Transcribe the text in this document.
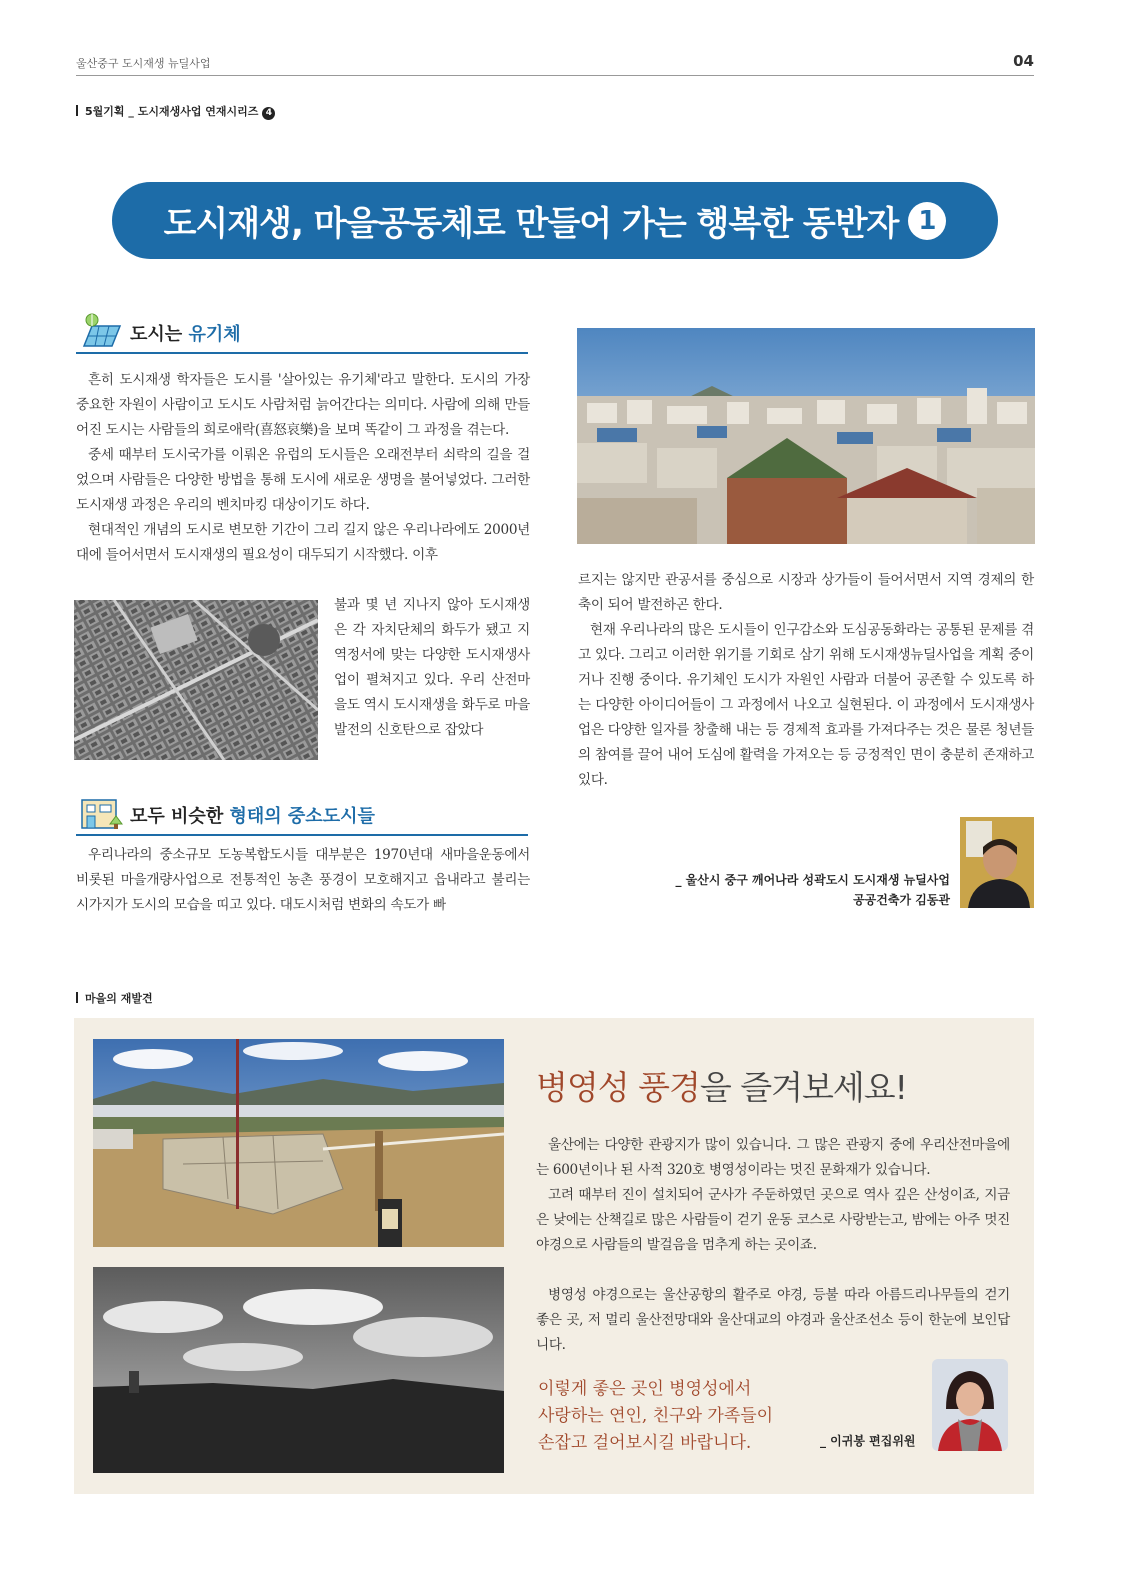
울산중구 도시재생 뉴딜사업	04
5월기획 _ 도시재생사업 연재시리즈 4
도시재생, 마을공동체로 만들어 가는 행복한 동반자 1
도시는 유기체

흔히 도시재생 학자들은 도시를 '살아있는 유기체'라고 말한다. 도시의 가장 중요한 자원이 사람이고 도시도 사람처럼 늙어간다는 의미다. 사람에 의해 만들어진 도시는 사람들의 희로애락(喜怒哀樂)을 보며 똑같이 그 과정을 겪는다.

중세 때부터 도시국가를 이뤄온 유럽의 도시들은 오래전부터 쇠락의 길을 걸었으며 사람들은 다양한 방법을 통해 도시에 새로운 생명을 불어넣었다. 그러한 도시재생 과정은 우리의 벤치마킹 대상이기도 하다.

현대적인 개념의 도시로 변모한 기간이 그리 길지 않은 우리나라에도 2000년대에 들어서면서 도시재생의 필요성이 대두되기 시작했다. 이후

불과 몇 년 지나지 않아 도시재생은 각 자치단체의 화두가 됐고 지역정서에 맞는 다양한 도시재생사업이 펼쳐지고 있다. 우리 산전마을도 역시 도시재생을 화두로 마을발전의 신호탄으로 잡았다

모두 비슷한 형태의 중소도시들

우리나라의 중소규모 도농복합도시들 대부분은 1970년대 새마을운동에서 비롯된 마을개량사업으로 전통적인 농촌 풍경이 모호해지고 읍내라고 불리는 시가지가 도시의 모습을 띠고 있다. 대도시처럼 변화의 속도가 빠

르지는 않지만 관공서를 중심으로 시장과 상가들이 들어서면서 지역 경제의 한 축이 되어 발전하곤 한다.

현재 우리나라의 많은 도시들이 인구감소와 도심공동화라는 공통된 문제를 겪고 있다. 그리고 이러한 위기를 기회로 삼기 위해 도시재생뉴딜사업을 계획 중이거나 진행 중이다. 유기체인 도시가 자원인 사람과 더불어 공존할 수 있도록 하는 다양한 아이디어들이 그 과정에서 나오고 실현된다. 이 과정에서 도시재생사업은 다양한 일자를 창출해 내는 등 경제적 효과를 가져다주는 것은 물론 청년들의 참여를 끌어 내어 도심에 활력을 가져오는 등 긍정적인 면이 충분히 존재하고 있다.

_ 울산시 중구 깨어나라 성곽도시 도시재생 뉴딜사업
공공건축가 김동관
마을의 재발견
병영성 풍경을 즐겨보세요!

울산에는 다양한 관광지가 많이 있습니다. 그 많은 관광지 중에 우리산전마을에는 600년이나 된 사적 320호 병영성이라는 멋진 문화재가 있습니다.

고려 때부터 진이 설치되어 군사가 주둔하였던 곳으로 역사 깊은 산성이죠, 지금은 낮에는 산책길로 많은 사람들이 걷기 운동 코스로 사랑받는고, 밤에는 아주 멋진 야경으로 사람들의 발걸음을 멈추게 하는 곳이죠.

병영성 야경으로는 울산공항의 활주로 야경, 등불 따라 아름드리나무들의 걷기 좋은 곳, 저 멀리 울산전망대와 울산대교의 야경과 울산조선소 등이 한눈에 보인답니다.

이렇게 좋은 곳인 병영성에서
사랑하는 연인, 친구와 가족들이
손잡고 걸어보시길 바랍니다.	_ 이귀봉 편집위원
